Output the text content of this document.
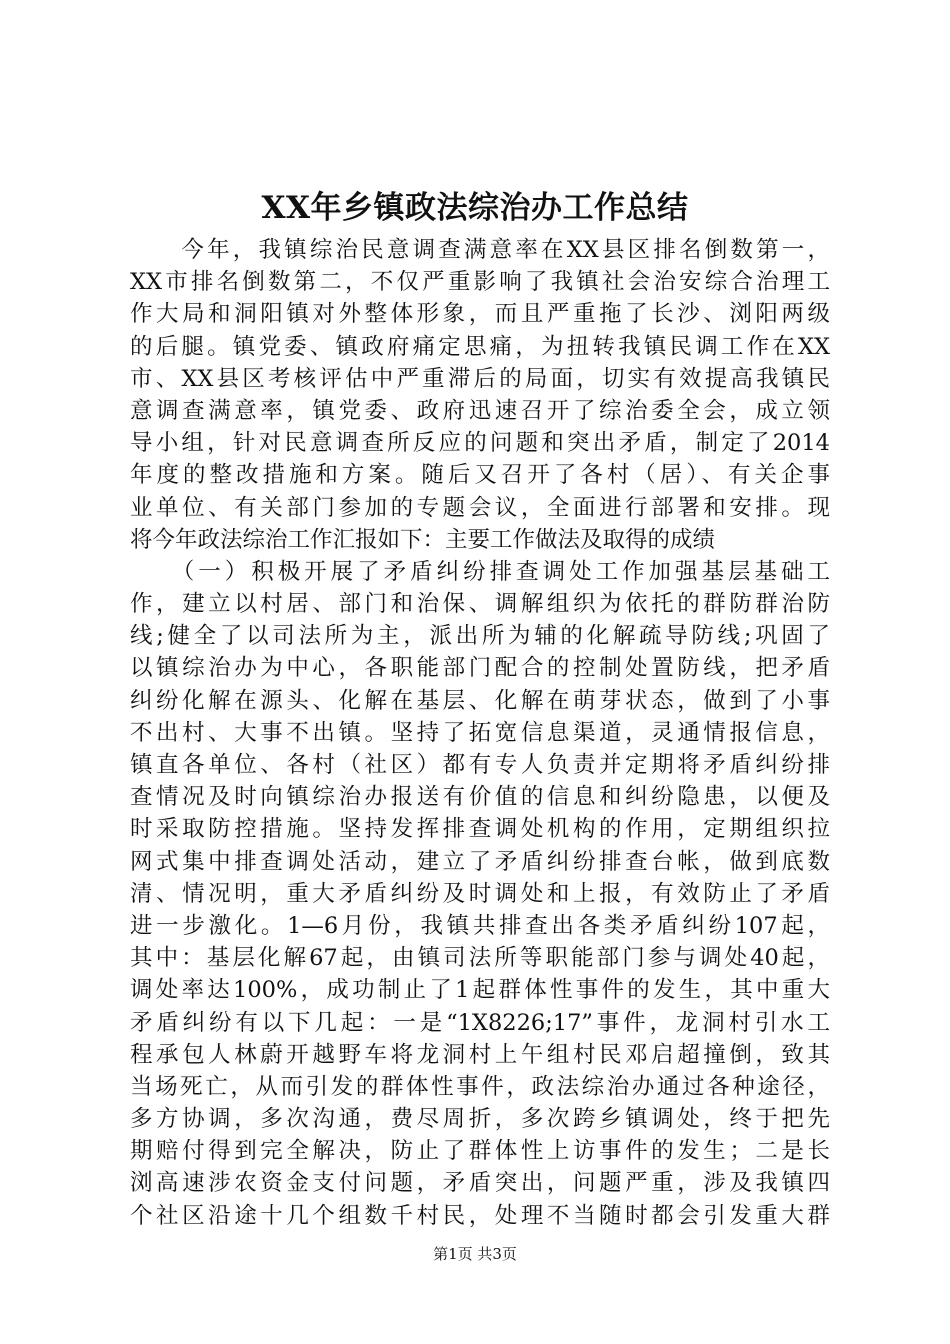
XX年乡镇政法综治办工作总结
　　今年，我镇综治民意调查满意率在XX县区排名倒数第一，
XX市排名倒数第二，不仅严重影响了我镇社会治安综合治理工
作大局和洞阳镇对外整体形象，而且严重拖了长沙、浏阳两级
的后腿。镇党委、镇政府痛定思痛，为扭转我镇民调工作在XX
市、XX县区考核评估中严重滞后的局面，切实有效提高我镇民
意调查满意率，镇党委、政府迅速召开了综治委全会，成立领
导小组，针对民意调查所反应的问题和突出矛盾，制定了2014
年度的整改措施和方案。随后又召开了各村（居）、有关企事
业单位、有关部门参加的专题会议，全面进行部署和安排。现
将今年政法综治工作汇报如下：主要工作做法及取得的成绩
　　（一）积极开展了矛盾纠纷排查调处工作加强基层基础工
作，建立以村居、部门和治保、调解组织为依托的群防群治防
线;健全了以司法所为主，派出所为辅的化解疏导防线;巩固了
以镇综治办为中心，各职能部门配合的控制处置防线，把矛盾
纠纷化解在源头、化解在基层、化解在萌芽状态，做到了小事
不出村、大事不出镇。坚持了拓宽信息渠道，灵通情报信息，
镇直各单位、各村（社区）都有专人负责并定期将矛盾纠纷排
查情况及时向镇综治办报送有价值的信息和纠纷隐患，以便及
时采取防控措施。坚持发挥排查调处机构的作用，定期组织拉
网式集中排查调处活动，建立了矛盾纠纷排查台帐，做到底数
清、情况明，重大矛盾纠纷及时调处和上报，有效防止了矛盾
进一步激化。1—6月份，我镇共排查出各类矛盾纠纷107起，
其中：基层化解67起，由镇司法所等职能部门参与调处40起，
调处率达100%，成功制止了1起群体性事件的发生，其中重大
矛盾纠纷有以下几起：一是“1X8226;17”事件，龙洞村引水工
程承包人林蔚开越野车将龙洞村上午组村民邓启超撞倒，致其
当场死亡，从而引发的群体性事件，政法综治办通过各种途径，
多方协调，多次沟通，费尽周折，多次跨乡镇调处，终于把先
期赔付得到完全解决，防止了群体性上访事件的发生；二是长
浏高速涉农资金支付问题，矛盾突出，问题严重，涉及我镇四
个社区沿途十几个组数千村民，处理不当随时都会引发重大群
第1页 共3页
